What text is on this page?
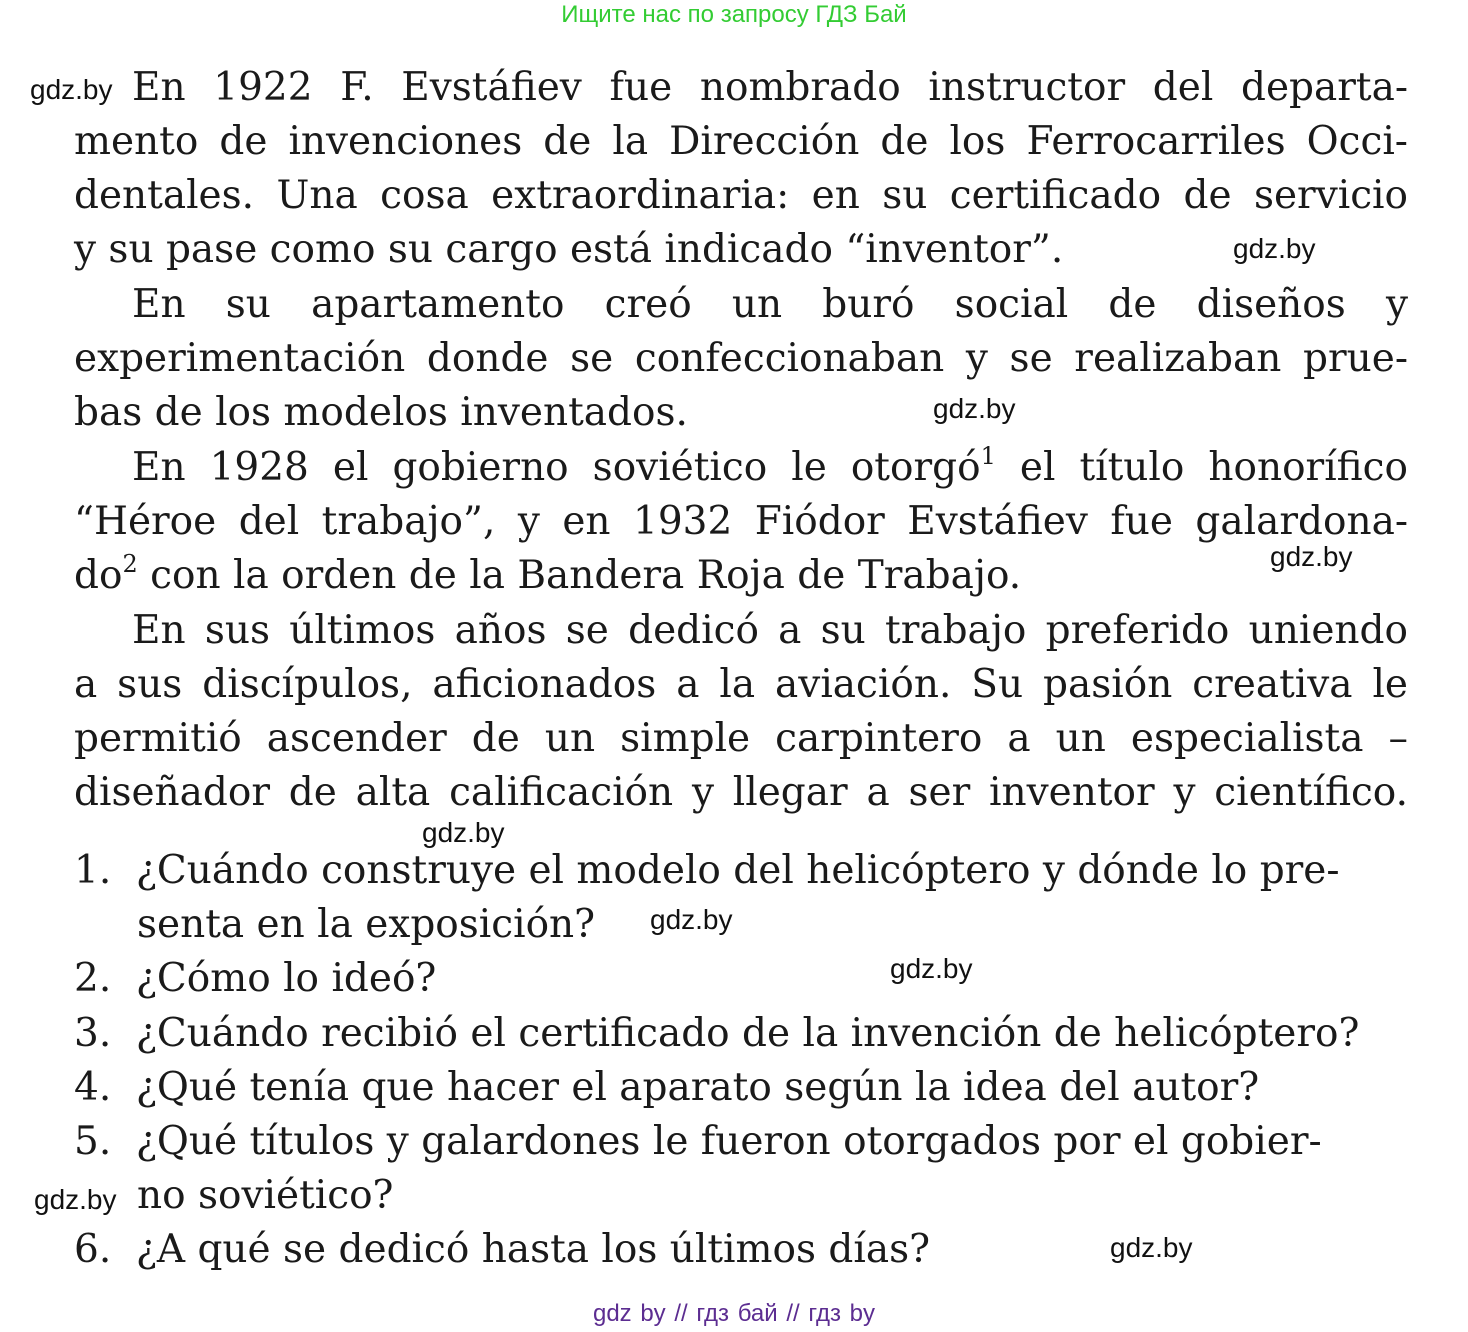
Ищите нас по запросу ГДЗ Бай
En 1922 F. Evstáfiev fue nombrado instructor del departa-
mento de invenciones de la Dirección de los Ferrocarriles Occi-
dentales. Una cosa extraordinaria: en su certificado de servicio
y su pase como su cargo está indicado “inventor”.
En su apartamento creó un buró social de diseños y
experimentación donde se confeccionaban y se realizaban prue-
bas de los modelos inventados.
En 1928 el gobierno soviético le otorgó$^1$ el título honorífico
“Héroe del trabajo”, y en 1932 Fiódor Evstáfiev fue galardona-
$do^2$ con la orden de la Bandera Roja de Trabajo.
En sus últimos años se dedicó a su trabajo preferido uniendo
a sus discípulos, aficionados a la aviación. Su pasión creativa le
permitió ascender de un simple carpintero a un especialista –
diseñador de alta calificación y llegar a ser inventor y científico.
1. ¿Cuándo construye el modelo del helicóptero y dónde lo pre-
senta en la exposición?
2. ¿Cómo lo ideó?
3. ¿Cuándo recibió el certificado de la invención de helicóptero?
4. ¿Qué tenía que hacer el aparato según la idea del autor?
5. ¿Qué títulos y galardones le fueron otorgados por el gobier-
no soviético?
6. ¿A qué se dedicó hasta los últimos días?
gdz.by
gdz.by
gdz.by
gdz.by
gdz.by
gdz.by
gdz.by
gdz.by
gdz.by
gdz by // гдз бай // гдз by
